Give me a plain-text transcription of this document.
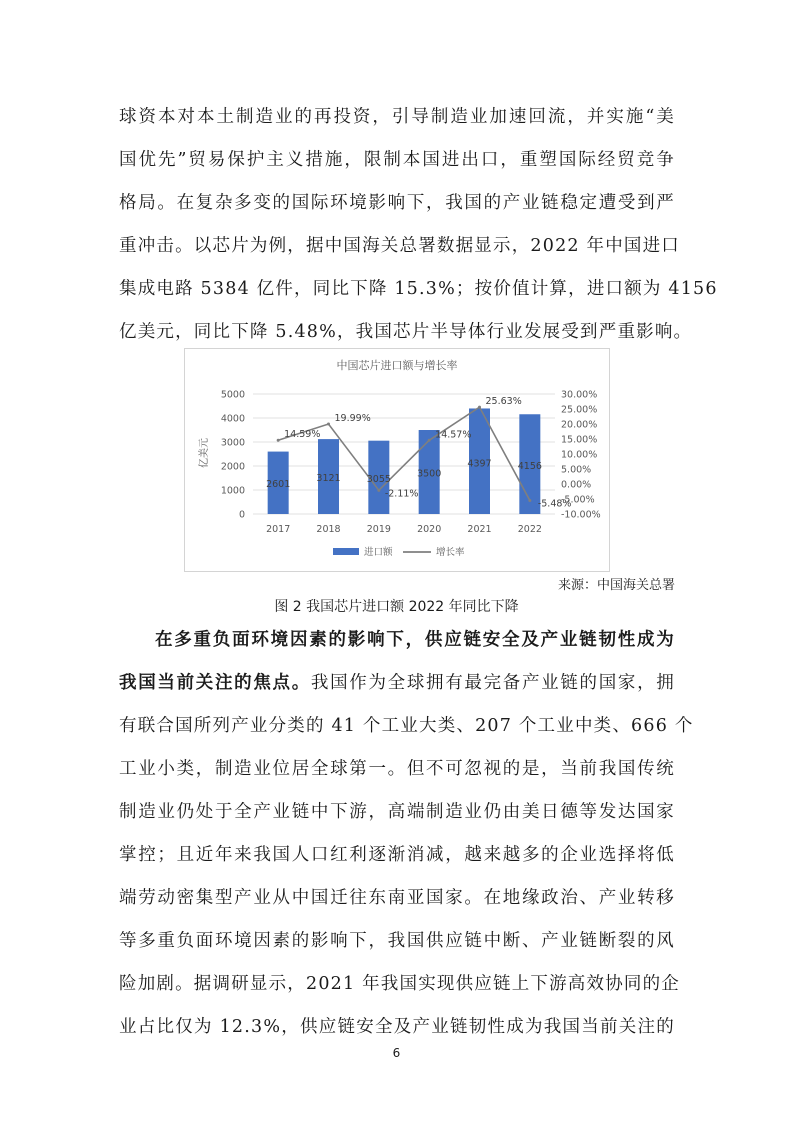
球资本对本土制造业的再投资，引导制造业加速回流，并实施“美
国优先”贸易保护主义措施，限制本国进出口，重塑国际经贸竞争
格局。在复杂多变的国际环境影响下，我国的产业链稳定遭受到严
重冲击。以芯片为例，据中国海关总署数据显示，2022 年中国进口
集成电路 5384 亿件，同比下降 15.3%；按价值计算，进口额为 4156
亿美元，同比下降 5.48%，我国芯片半导体行业发展受到严重影响。
中国芯片进口额与增长率
2601
3121	3055	3500
4397	4156
14.59%
19.99%
-2.11%
14.57%
25.63%
-5.48%
0
1000
2000
3000
4000
5000
-10.00%
-5.00%
0.00%
5.00%
10.00%
15.00%
20.00%
25.00%
30.00%
2017	2018	2019	2020	2021	2022
亿美元
进口额	增长率
来源：中国海关总署
图 2 我国芯片进口额 2022 年同比下降
在多重负面环境因素的影响下，供应链安全及产业链韧性成为
我国当前关注的焦点。我国作为全球拥有最完备产业链的国家，拥
有联合国所列产业分类的 41 个工业大类、207 个工业中类、666 个
工业小类，制造业位居全球第一。但不可忽视的是，当前我国传统
制造业仍处于全产业链中下游，高端制造业仍由美日德等发达国家
掌控；且近年来我国人口红利逐渐消减，越来越多的企业选择将低
端劳动密集型产业从中国迁往东南亚国家。在地缘政治、产业转移
等多重负面环境因素的影响下，我国供应链中断、产业链断裂的风
险加剧。据调研显示，2021 年我国实现供应链上下游高效协同的企
业占比仅为 12.3%，供应链安全及产业链韧性成为我国当前关注的
6
